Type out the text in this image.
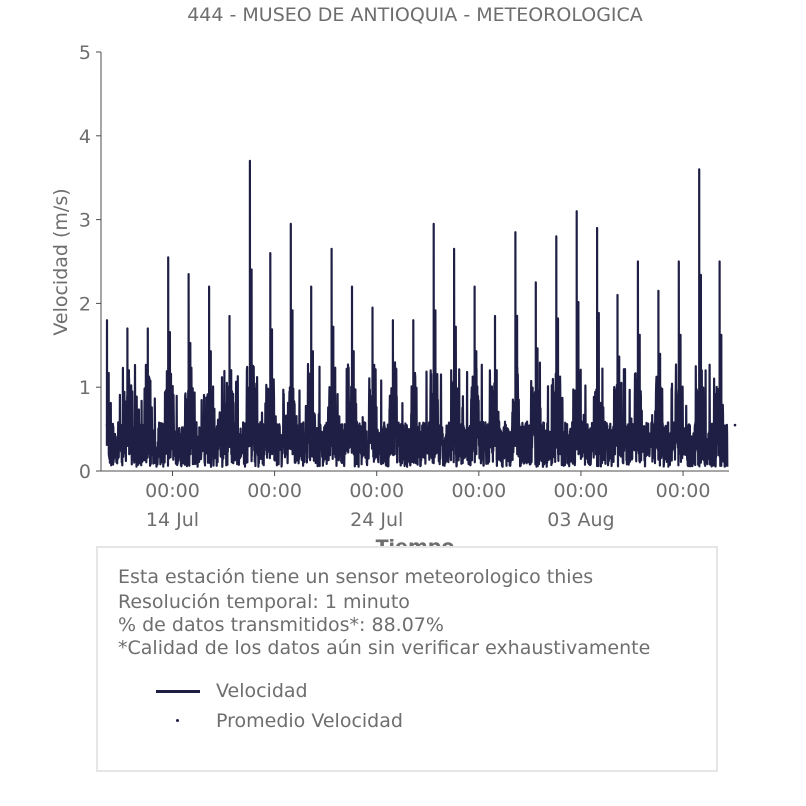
444 - MUSEO DE ANTIOQUIA - METEOROLOGICA
Velocidad (m/s)
0
1
2
3
4
5
00:00
14 Jul
00:00 00:00
24 Jul
00:00 00:00
03 Aug
00:00
Esta estación tiene un sensor meteorologico thies
Resolución temporal: 1 minuto
% de datos transmitidos*: 88.07%
*Calidad de los datos aún sin verificar exhaustivamente
Velocidad
Promedio Velocidad
